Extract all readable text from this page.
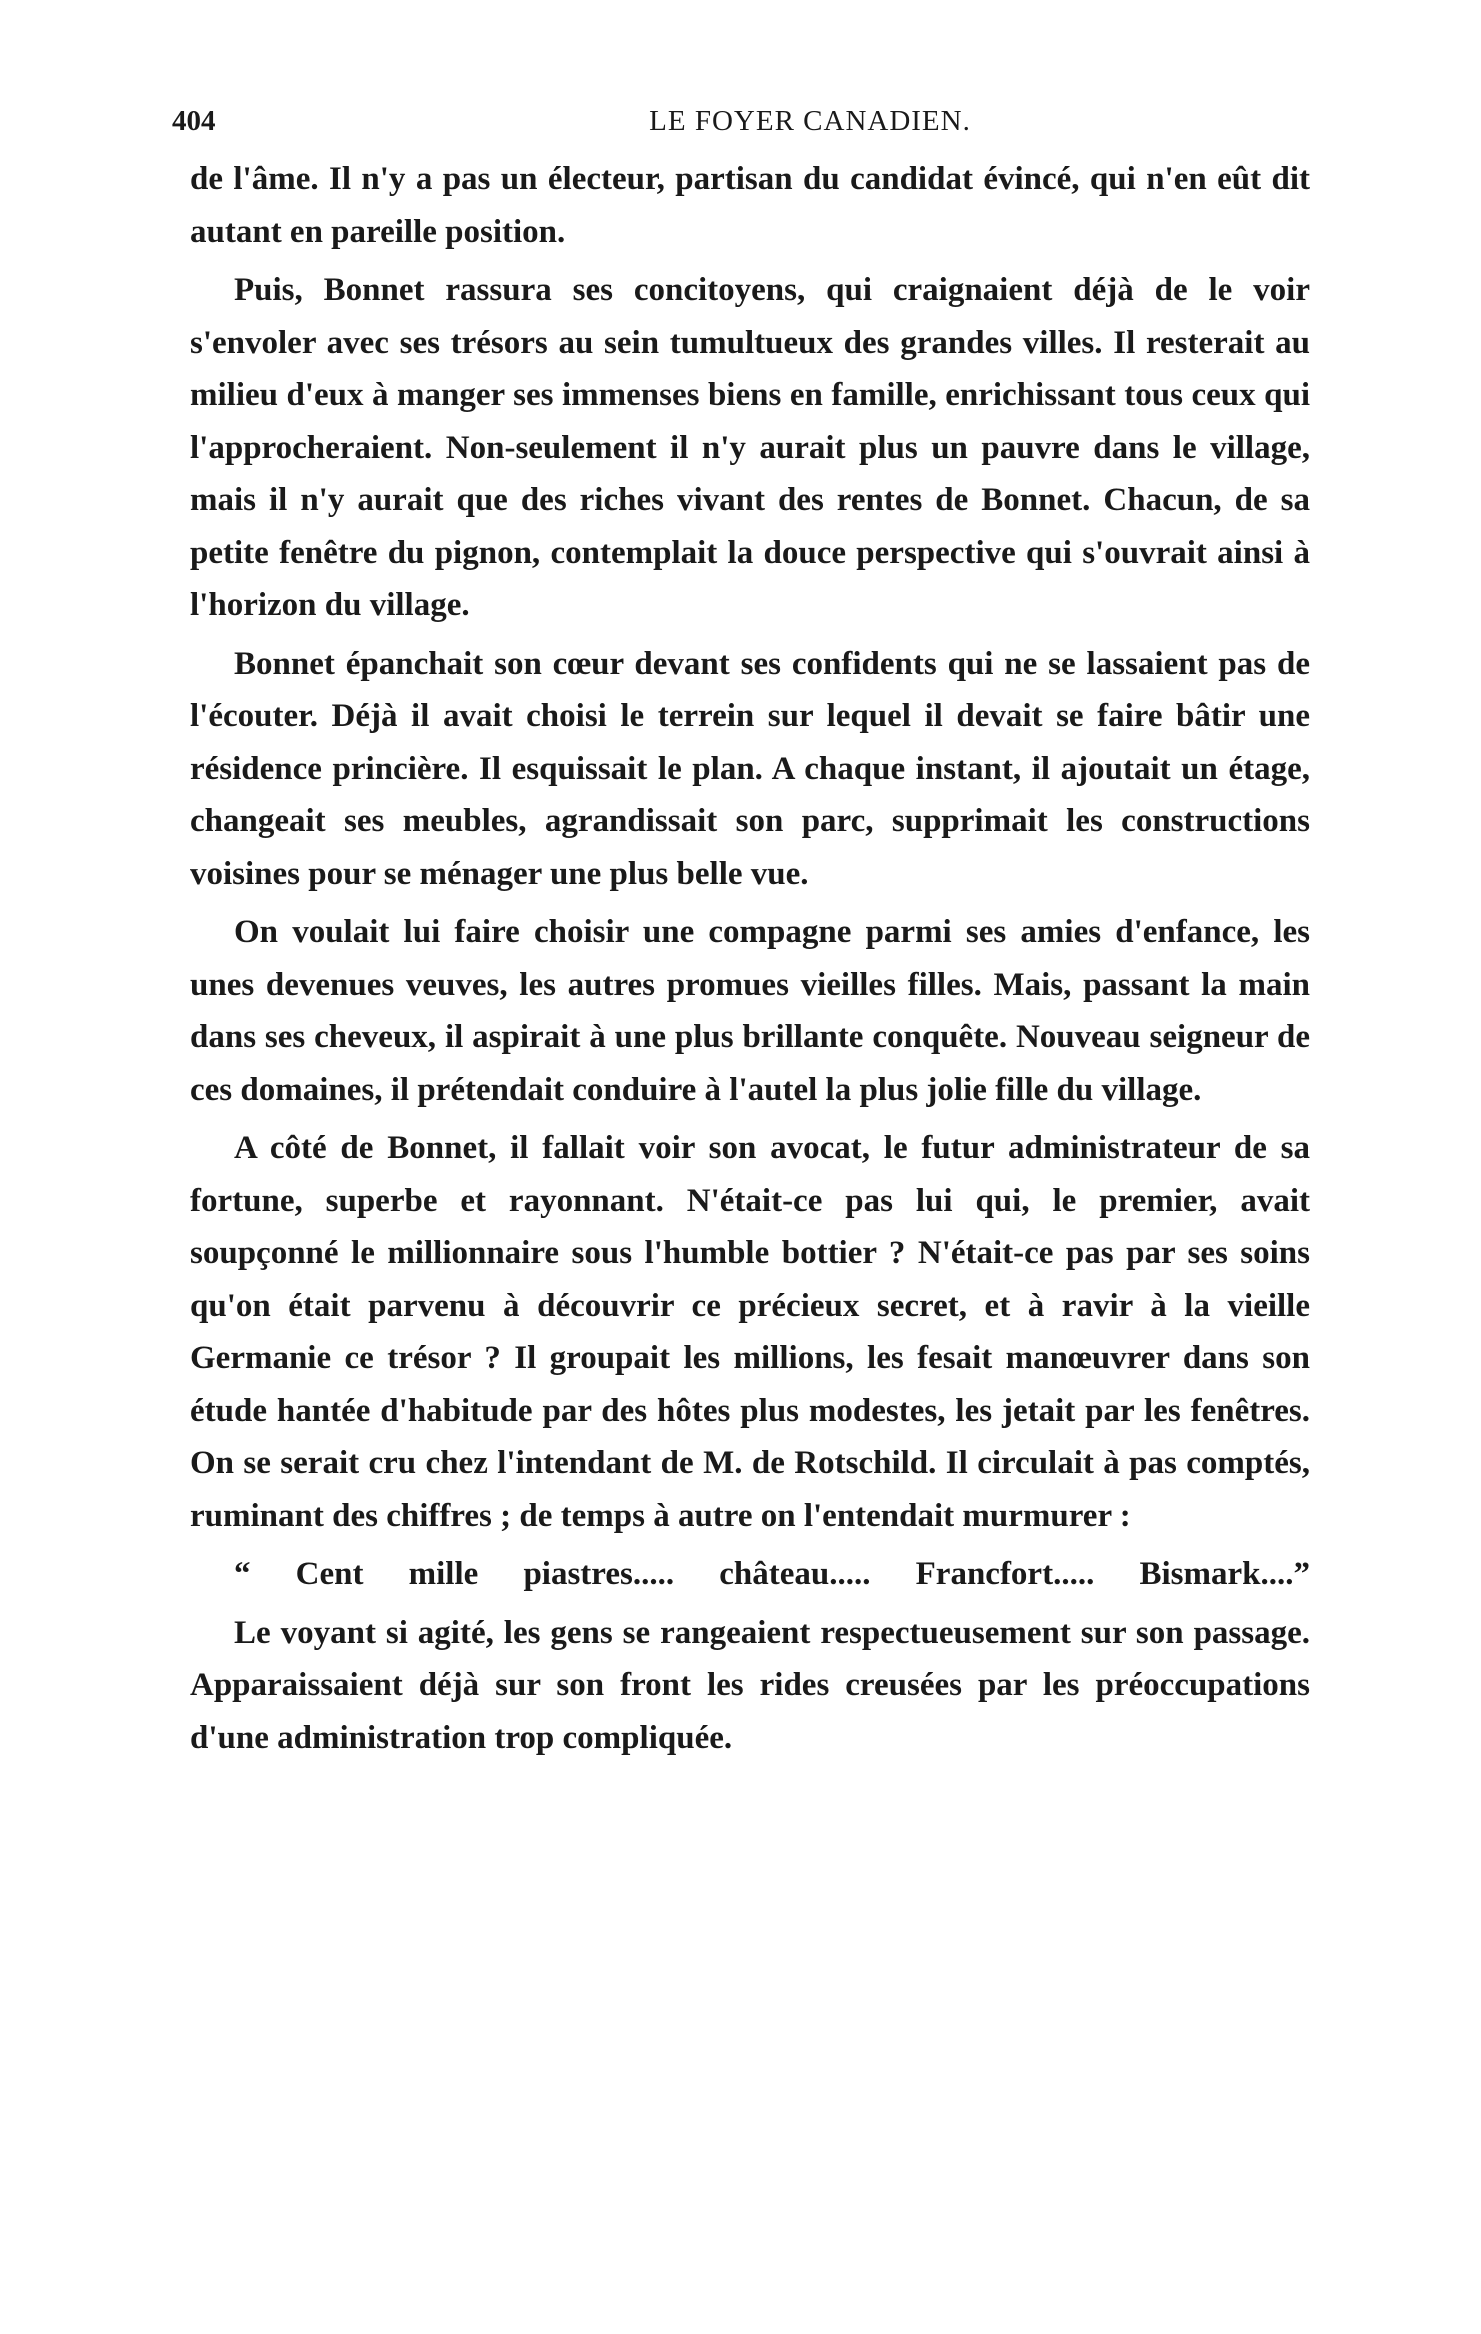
404	LE FOYER CANADIEN.

de l'âme. Il n'y a pas un électeur, partisan du candidat évincé, qui n'en eût dit autant en pareille position.

Puis, Bonnet rassura ses concitoyens, qui craignaient déjà de le voir s'envoler avec ses trésors au sein tumultueux des grandes villes. Il resterait au milieu d'eux à manger ses immenses biens en famille, enrichissant tous ceux qui l'approcheraient. Non-seulement il n'y aurait plus un pauvre dans le village, mais il n'y aurait que des riches vivant des rentes de Bonnet. Chacun, de sa petite fenêtre du pignon, contemplait la douce perspective qui s'ouvrait ainsi à l'horizon du village.

Bonnet épanchait son cœur devant ses confidents qui ne se lassaient pas de l'écouter. Déjà il avait choisi le terrein sur lequel il devait se faire bâtir une résidence princière. Il esquissait le plan. A chaque instant, il ajoutait un étage, changeait ses meubles, agrandissait son parc, supprimait les constructions voisines pour se ménager une plus belle vue.

On voulait lui faire choisir une compagne parmi ses amies d'enfance, les unes devenues veuves, les autres promues vieilles filles. Mais, passant la main dans ses cheveux, il aspirait à une plus brillante conquête. Nouveau seigneur de ces domaines, il prétendait conduire à l'autel la plus jolie fille du village.

A côté de Bonnet, il fallait voir son avocat, le futur administrateur de sa fortune, superbe et rayonnant. N'était-ce pas lui qui, le premier, avait soupçonné le millionnaire sous l'humble bottier ? N'était-ce pas par ses soins qu'on était parvenu à découvrir ce précieux secret, et à ravir à la vieille Germanie ce trésor ? Il groupait les millions, les fesait manœuvrer dans son étude hantée d'habitude par des hôtes plus modestes, les jetait par les fenêtres. On se serait cru chez l'intendant de M. de Rotschild. Il circulait à pas comptés, ruminant des chiffres ; de temps à autre on l'entendait murmurer :

“ Cent mille piastres..... château..... Francfort..... Bismark....”

Le voyant si agité, les gens se rangeaient respectueusement sur son passage. Apparaissaient déjà sur son front les rides creusées par les préoccupations d'une administration trop compliquée.
